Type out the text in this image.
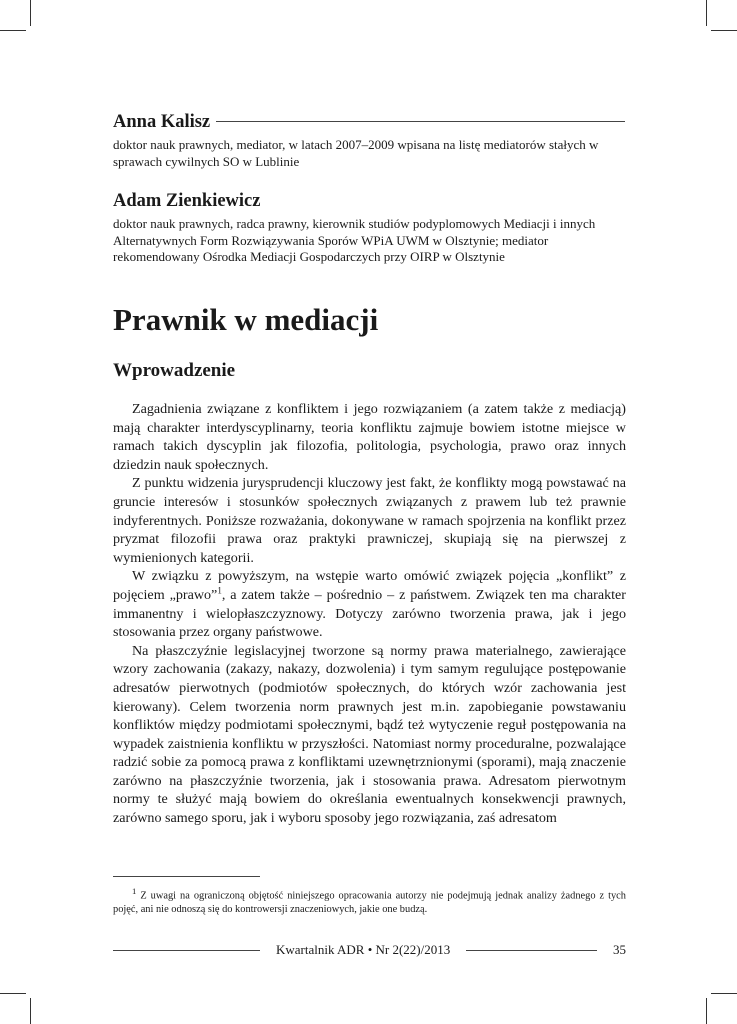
Anna Kalisz
doktor nauk prawnych, mediator, w latach 2007–2009 wpisana na listę mediatorów stałych w sprawach cywilnych SO w Lublinie
Adam Zienkiewicz
doktor nauk prawnych, radca prawny, kierownik studiów podyplomowych Mediacji i innych Alternatywnych Form Rozwiązywania Sporów WPiA UWM w Olsztynie; mediator rekomendowany Ośrodka Mediacji Gospodarczych przy OIRP w Olsztynie
Prawnik w mediacji
Wprowadzenie

Zagadnienia związane z konfliktem i jego rozwiązaniem (a zatem także z mediacją) mają charakter interdyscyplinarny, teoria konfliktu zajmuje bowiem istotne miejsce w ramach takich dyscyplin jak filozofia, politologia, psychologia, prawo oraz innych dziedzin nauk społecznych.

Z punktu widzenia jurysprudencji kluczowy jest fakt, że konflikty mogą powstawać na gruncie interesów i stosunków społecznych związanych z prawem lub też prawnie indyferentnych. Poniższe rozważania, dokonywane w ramach spojrzenia na konflikt przez pryzmat filozofii prawa oraz praktyki prawniczej, skupiają się na pierwszej z wymienionych kategorii.

W związku z powyższym, na wstępie warto omówić związek pojęcia „konflikt” z pojęciem „prawo”$^1$, a zatem także – pośrednio – z państwem. Związek ten ma charakter immanentny i wielopłaszczyznowy. Dotyczy zarówno tworzenia prawa, jak i jego stosowania przez organy państwowe.

Na płaszczyźnie legislacyjnej tworzone są normy prawa materialnego, zawierające wzory zachowania (zakazy, nakazy, dozwolenia) i tym samym regulujące postępowanie adresatów pierwotnych (podmiotów społecznych, do których wzór zachowania jest kierowany). Celem tworzenia norm prawnych jest m.in. zapobieganie powstawaniu konfliktów między podmiotami społecznymi, bądź też wytyczenie reguł postępowania na wypadek zaistnienia konfliktu w przyszłości. Natomiast normy proceduralne, pozwalające radzić sobie za pomocą prawa z konfliktami uzewnętrznionymi (sporami), mają znaczenie zarówno na płaszczyźnie tworzenia, jak i stosowania prawa. Adresatom pierwotnym normy te służyć mają bowiem do określania ewentualnych konsekwencji prawnych, zarówno samego sporu, jak i wyboru sposoby jego rozwiązania, zaś adresatom

$^1$ Z uwagi na ograniczoną objętość niniejszego opracowania autorzy nie podejmują jednak analizy żadnego z tych pojęć, ani nie odnoszą się do kontrowersji znaczeniowych, jakie one budzą.

Kwartalnik ADR • Nr 2(22)/2013	35
